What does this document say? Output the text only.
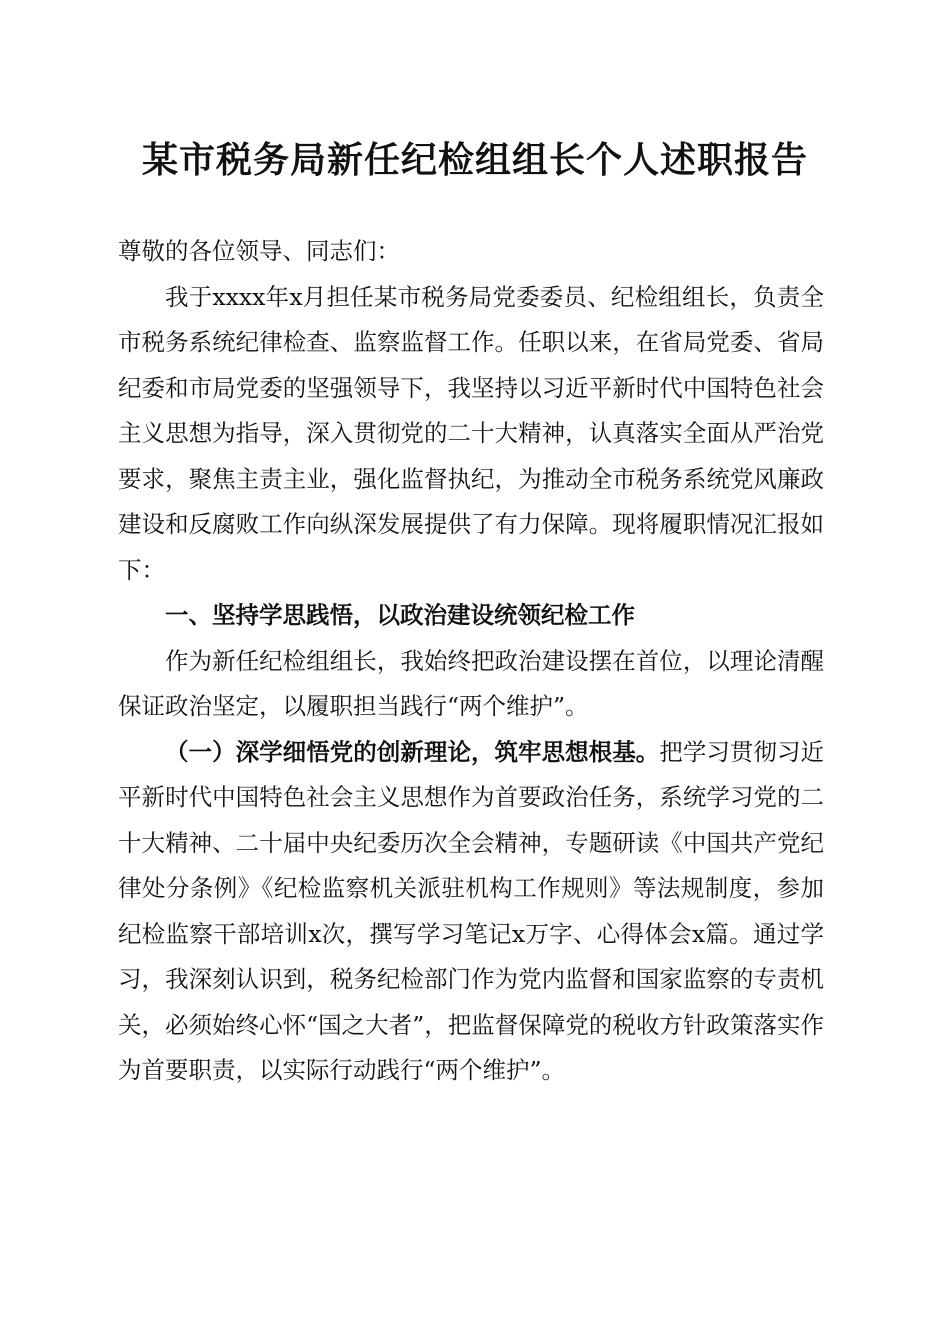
某市税务局新任纪检组组长个人述职报告

尊敬的各位领导、同志们：

我于xxxx年x月担任某市税务局党委委员、纪检组组长，负责全市税务系统纪律检查、监察监督工作。任职以来，在省局党委、省局纪委和市局党委的坚强领导下，我坚持以习近平新时代中国特色社会主义思想为指导，深入贯彻党的二十大精神，认真落实全面从严治党要求，聚焦主责主业，强化监督执纪，为推动全市税务系统党风廉政建设和反腐败工作向纵深发展提供了有力保障。现将履职情况汇报如下：

一、坚持学思践悟，以政治建设统领纪检工作

作为新任纪检组组长，我始终把政治建设摆在首位，以理论清醒保证政治坚定，以履职担当践行“两个维护”。

（一）深学细悟党的创新理论，筑牢思想根基。把学习贯彻习近平新时代中国特色社会主义思想作为首要政治任务，系统学习党的二十大精神、二十届中央纪委历次全会精神，专题研读《中国共产党纪律处分条例》《纪检监察机关派驻机构工作规则》等法规制度，参加纪检监察干部培训x次，撰写学习笔记x万字、心得体会x篇。通过学习，我深刻认识到，税务纪检部门作为党内监督和国家监察的专责机关，必须始终心怀“国之大者”，把监督保障党的税收方针政策落实作为首要职责，以实际行动践行“两个维护”。
